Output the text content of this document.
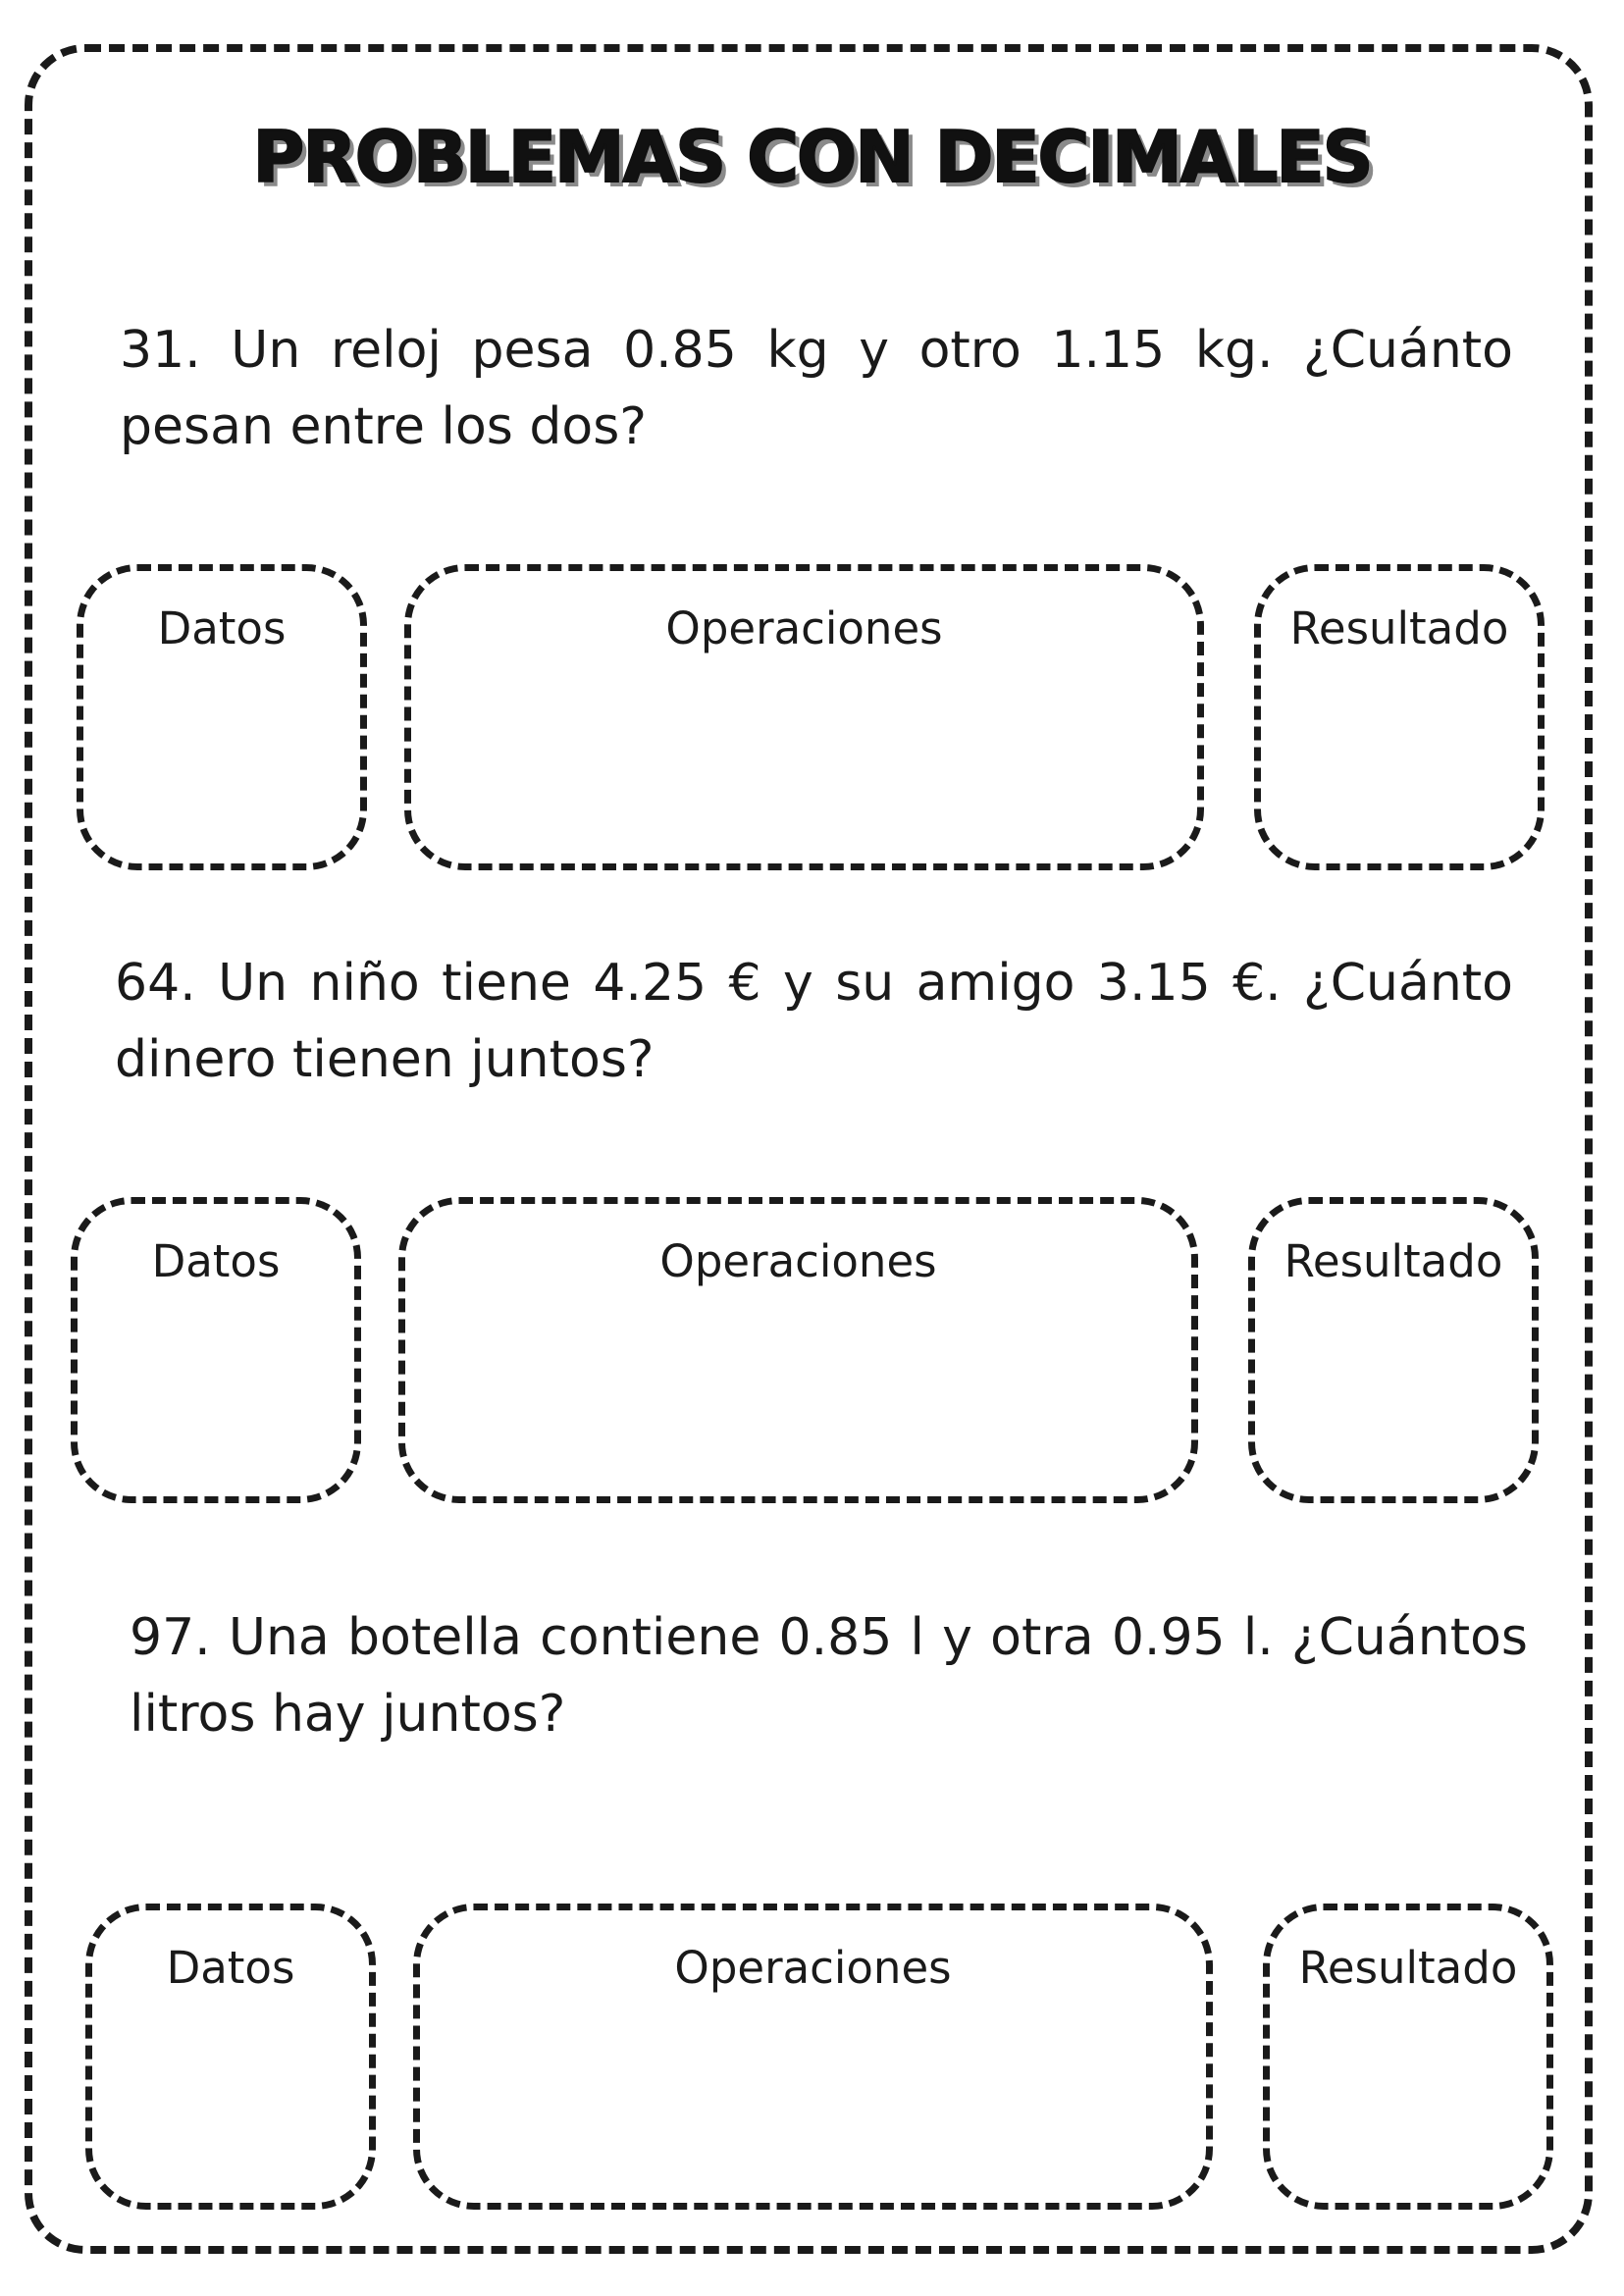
PROBLEMAS CON DECIMALES
31. Un reloj pesa 0.85 kg y otro 1.15 kg. ¿Cuánto pesan entre los dos?
Datos	Operaciones	Resultado
64. Un niño tiene 4.25 € y su amigo 3.15 €. ¿Cuánto dinero tienen juntos?
Datos	Operaciones	Resultado
97. Una botella contiene 0.85 l y otra 0.95 l. ¿Cuántos litros hay juntos?
Datos	Operaciones	Resultado
